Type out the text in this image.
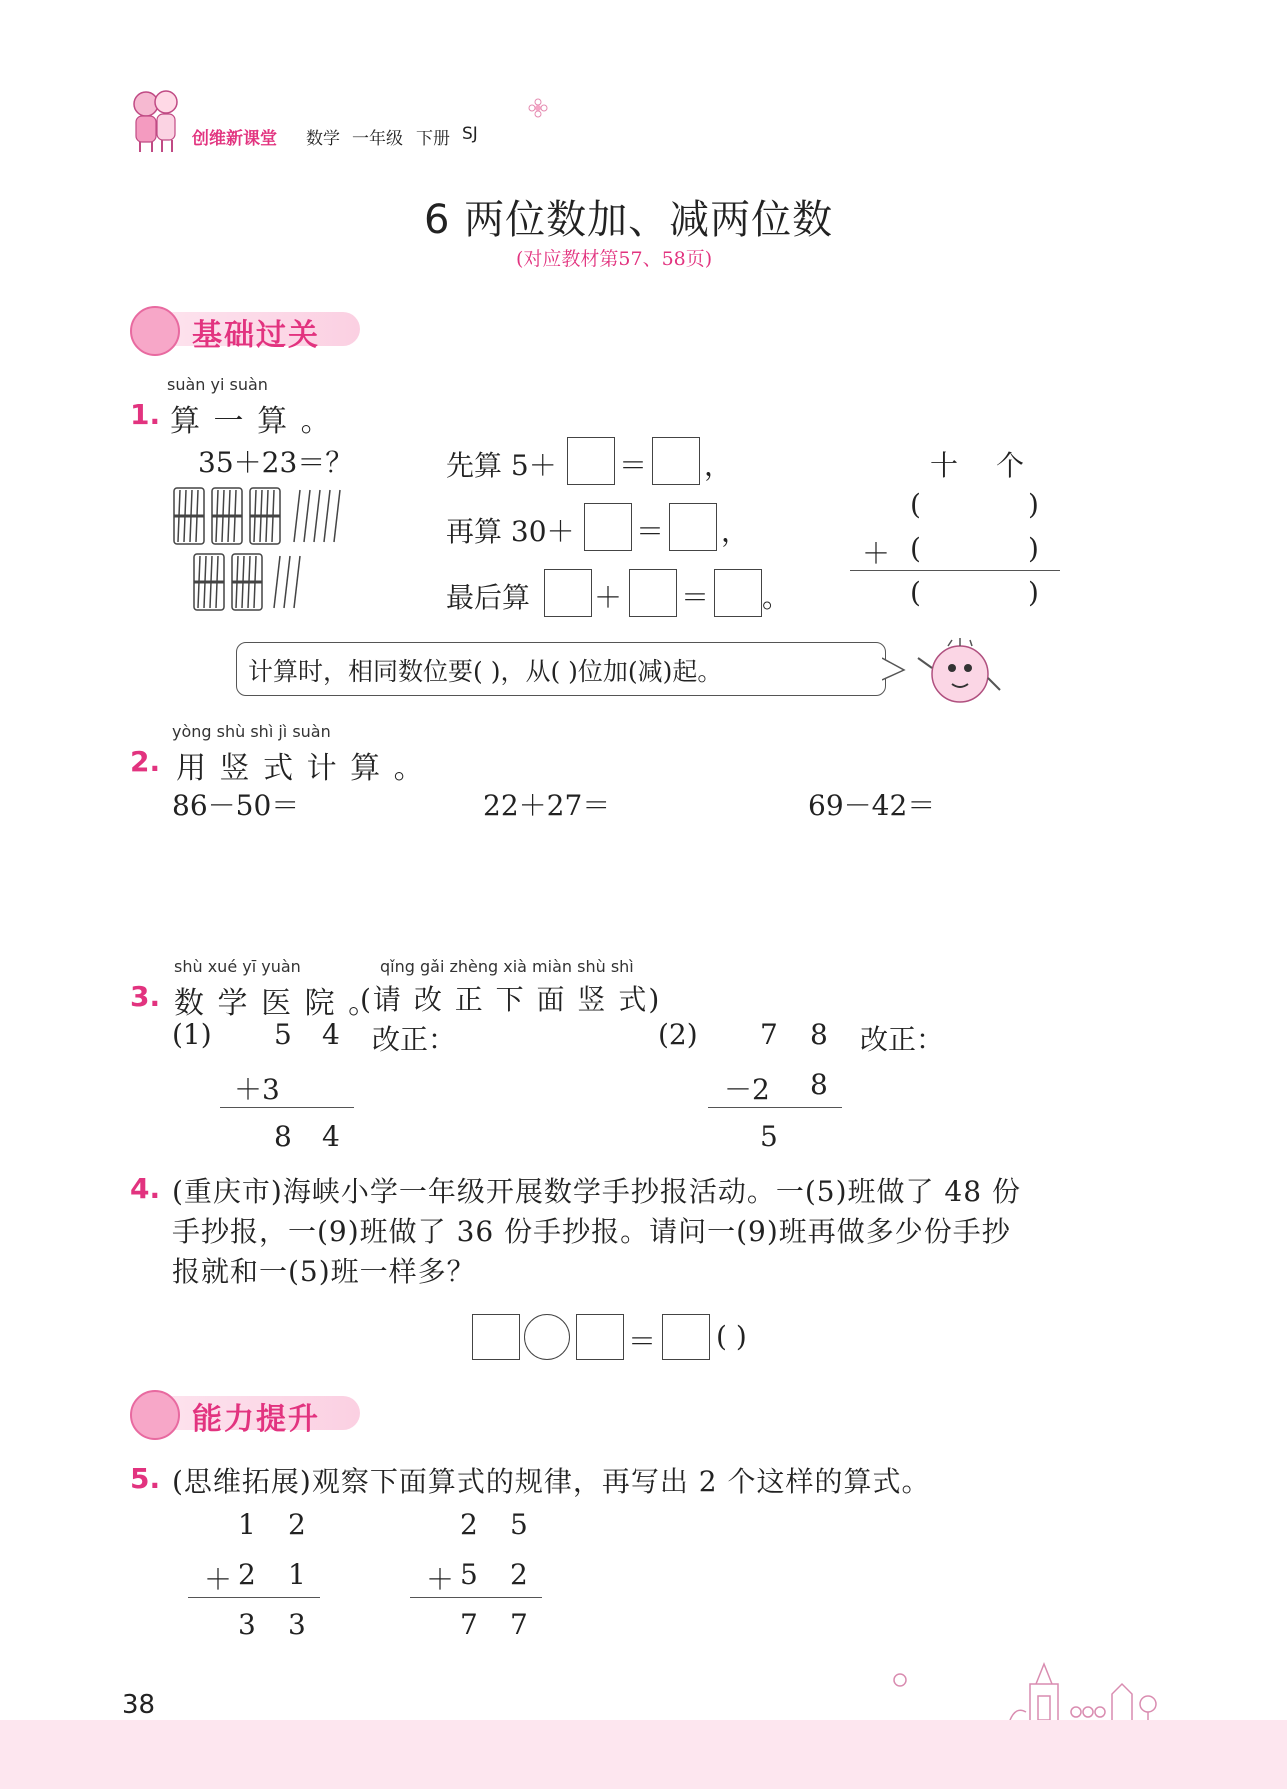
创维新课堂 数学 一年级 下册 SJ
6 两位数加、减两位数
(对应教材第57、58页)
基础过关
suàn yi suàn
1. 算 一 算 。
35＋23＝？	先算 5＋ ＝ ，
再算 30＋ ＝ ，
最后算 ＋ ＝ 。
十 个
(	)
＋ (	)
(	)
计算时，相同数位要( )，从( )位加(减)起。
yòng shù shì jì suàn
2. 用 竖 式 计 算 。
86－50＝	22＋27＝	69－42＝
shù xué yī yuàn	qǐng gǎi zhèng xià miàn shù shì
3. 数 学 医 院 。
(请 改 正 下 面 竖 式)
(1) 5 4 改正：
＋3
8 4
(2) 7 8 改正：
－2 8
5
4. (重庆市)海峡小学一年级开展数学手抄报活动。一(5)班做了 48 份
手抄报，一(9)班做了 36 份手抄报。请问一(9)班再做多少份手抄
报就和一(5)班一样多？
＝ ( )
能力提升
5. (思维拓展)观察下面算式的规律，再写出 2 个这样的算式。
1 2
＋ 2 1
3 3
2 5
＋ 5 2
7 7
38
